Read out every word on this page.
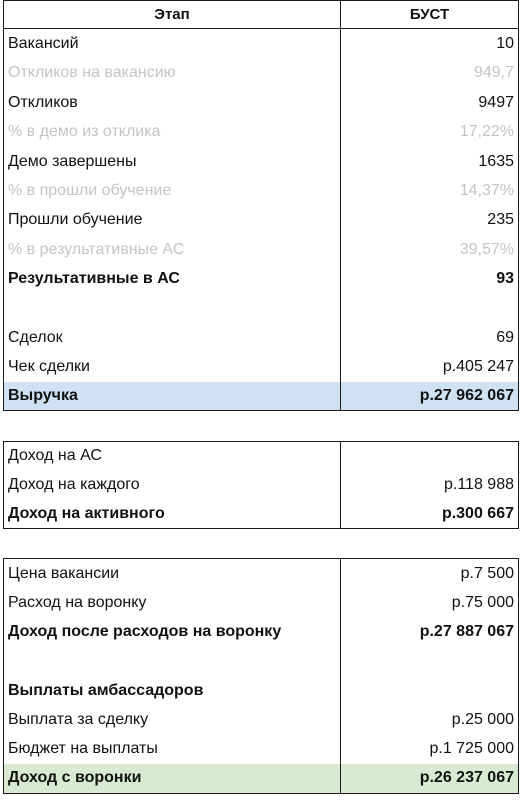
Этап	БУСТ
Вакансий	10
Откликов на вакансию	949,7
Откликов	9497
% в демо из отклика	17,22%
Демо завершены	1635
% в прошли обучение	14,37%
Прошли обучение	235
% в результативные АС	39,57%
Результативные в АС	93
Сделок	69
Чек сделки	р.405 247
Выручка	р.27 962 067
Доход на АС
Доход на каждого	р.118 988
Доход на активного	р.300 667
Цена вакансии	р.7 500
Расход на воронку	р.75 000
Доход после расходов на воронку	р.27 887 067
Выплаты амбассадоров
Выплата за сделку	р.25 000
Бюджет на выплаты	р.1 725 000
Доход с воронки	р.26 237 067
